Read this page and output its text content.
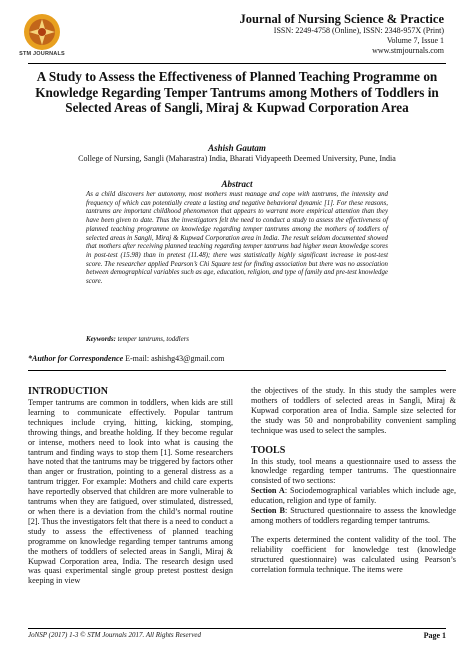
STM JOURNALS
Journal of Nursing Science & Practice
ISSN: 2249-4758 (Online), ISSN: 2348-957X (Print)
Volume 7, Issue 1
www.stmjournals.com
A Study to Assess the Effectiveness of Planned Teaching Programme on Knowledge Regarding Temper Tantrums among Mothers of Toddlers in Selected Areas of Sangli, Miraj & Kupwad Corporation Area
Ashish Gautam
College of Nursing, Sangli (Maharastra) India, Bharati Vidyapeeth Deemed University, Pune, India
Abstract

As a child discovers her autonomy, most mothers must manage and cope with tantrums, the intensity and frequency of which can potentially create a lasting and negative behavioral dynamic [1]. For these reasons, tantrums are important childhood phenomenon that appears to warrant more empirical attention than they have been given to date. Thus the investigators felt the need to conduct a study to assess the effectiveness of planned teaching programme on knowledge regarding temper tantrums among the mothers of toddlers of selected areas in Sangli, Miraj & Kupwad Corporation area in India. The result seldom documented showed that mothers after receiving planned teaching regarding temper tantrums had higher mean knowledge scores in post-test (15.98) than in pretest (11.48); there was statistically highly significant increase in post-test score. The researcher applied Pearson’s Chi Square test for finding association but there was no association between demographical variables such as age, education, religion, and type of family and pre-test knowledge score.

Keywords: temper tantrums, toddlers
*Author for Correspondence E-mail: ashishg43@gmail.com

INTRODUCTION

Temper tantrums are common in toddlers, when kids are still learning to communicate effectively. Popular tantrum techniques include crying, hitting, kicking, stomping, throwing things, and breathe holding. If they become regular or intense, mothers need to look into what is causing the tantrum and finding ways to stop them [1]. Some researchers have noted that the tantrums may be triggered by factors other than anger or frustration, pointing to a general distress as a tantrum trigger. For example: Mothers and child care experts have reportedly observed that children are more vulnerable to tantrums when they are fatigued, over stimulated, distressed, or when there is a deviation from the child’s normal routine [2]. Thus the investigators felt that there is a need to conduct a study to assess the effectiveness of planned teaching programme on knowledge regarding temper tantrums among the mothers of toddlers of selected areas in Sangli, Miraj & Kupwad Corporation area, India. The research design used was quasi experimental single group pretest posttest design keeping in view

the objectives of the study. In this study the samples were mothers of toddlers of selected areas in Sangli, Miraj & Kupwad corporation area of India. Sample size selected for the study was 50 and nonprobability convenient sampling technique was used to select the samples.

TOOLS

In this study, tool means a questionnaire used to assess the knowledge regarding temper tantrums. The questionnaire consisted of two sections:

Section A: Sociodemographical variables which include age, education, religion and type of family.

Section B: Structured questionnaire to assess the knowledge among mothers of toddlers regarding temper tantrums.

The experts determined the content validity of the tool. The reliability coefficient for knowledge test (knowledge structured questionnaire) was calculated using Pearson’s correlation formula technique. The items were

JoNSP (2017) 1-3 © STM Journals 2017. All Rights Reserved	Page 1
